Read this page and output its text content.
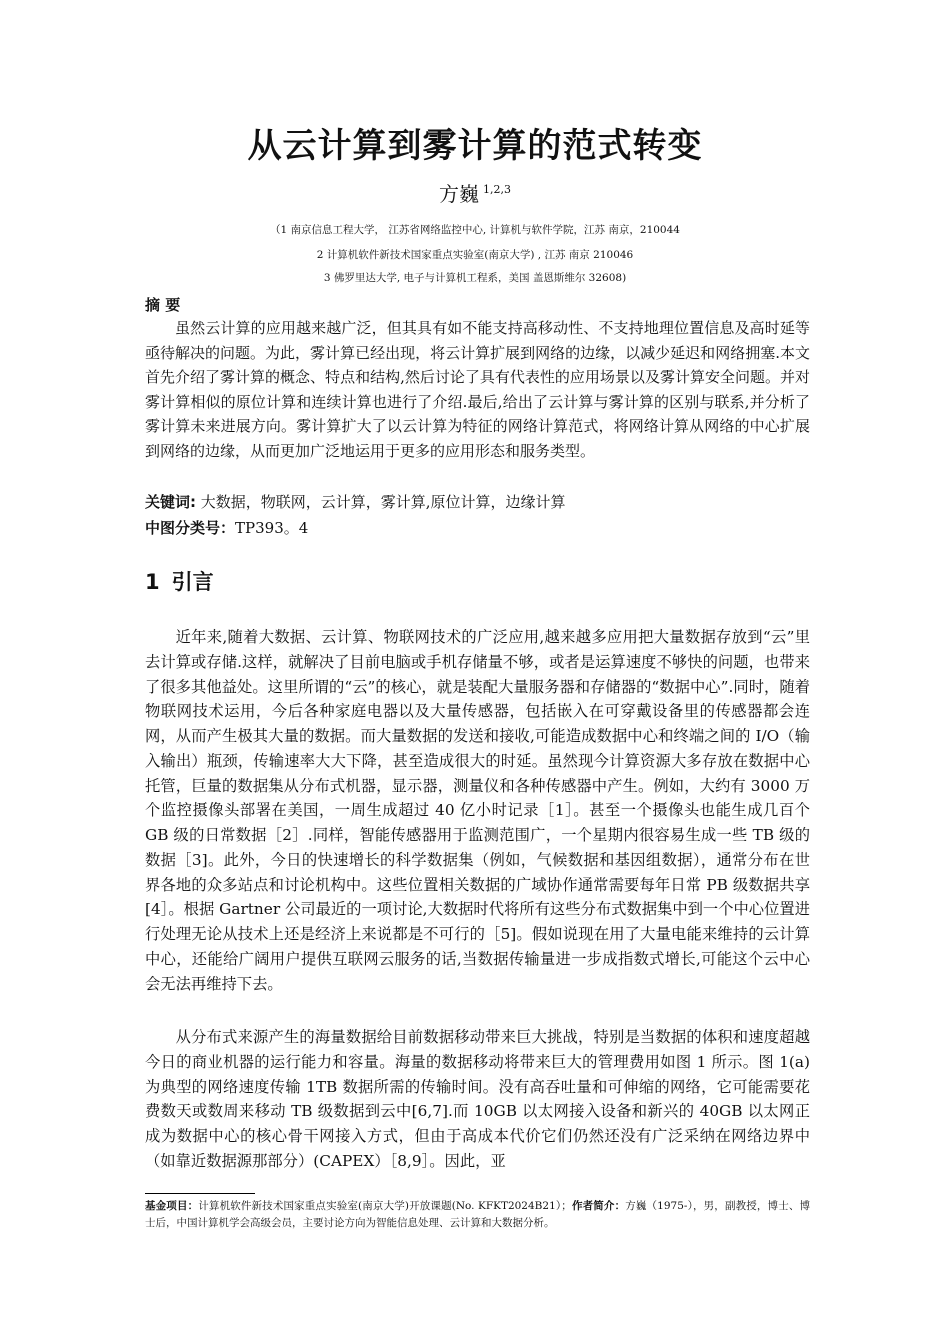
从云计算到雾计算的范式转变
方巍 $^{1,2,3}$
（1 南京信息工程大学， 江苏省网络监控中心, 计算机与软件学院，江苏 南京，210044
2 计算机软件新技术国家重点实验室(南京大学) , 江苏 南京 210046
3 佛罗里达大学, 电子与计算机工程系，美国 盖恩斯维尔 32608)
摘 要

虽然云计算的应用越来越广泛，但其具有如不能支持高移动性、不支持地理位置信息及高时延等亟待解决的问题。为此，雾计算已经出现，将云计算扩展到网络的边缘，以减少延迟和网络拥塞.本文首先介绍了雾计算的概念、特点和结构,然后讨论了具有代表性的应用场景以及雾计算安全问题。并对雾计算相似的原位计算和连续计算也进行了介绍.最后,给出了云计算与雾计算的区别与联系,并分析了雾计算未来进展方向。雾计算扩大了以云计算为特征的网络计算范式，将网络计算从网络的中心扩展到网络的边缘，从而更加广泛地运用于更多的应用形态和服务类型。

关键词: 大数据，物联网，云计算，雾计算,原位计算，边缘计算
中图分类号：TP393。4
1 引言

近年来,随着大数据、云计算、物联网技术的广泛应用,越来越多应用把大量数据存放到“云”里去计算或存储.这样，就解决了目前电脑或手机存储量不够，或者是运算速度不够快的问题，也带来了很多其他益处。这里所谓的“云”的核心，就是装配大量服务器和存储器的“数据中心”.同时，随着物联网技术运用，今后各种家庭电器以及大量传感器，包括嵌入在可穿戴设备里的传感器都会连网，从而产生极其大量的数据。而大量数据的发送和接收,可能造成数据中心和终端之间的 I/O（输入输出）瓶颈，传输速率大大下降，甚至造成很大的时延。虽然现今计算资源大多存放在数据中心托管，巨量的数据集从分布式机器，显示器，测量仪和各种传感器中产生。例如，大约有 3000 万个监控摄像头部署在美国，一周生成超过 40 亿小时记录［1］。甚至一个摄像头也能生成几百个 GB 级的日常数据［2］.同样，智能传感器用于监测范围广，一个星期内很容易生成一些 TB 级的数据［3]。此外，今日的快速增长的科学数据集（例如，气候数据和基因组数据），通常分布在世界各地的众多站点和讨论机构中。这些位置相关数据的广域协作通常需要每年日常 PB 级数据共享[4］。根据 Gartner 公司最近的一项讨论,大数据时代将所有这些分布式数据集中到一个中心位置进行处理无论从技术上还是经济上来说都是不可行的［5]。假如说现在用了大量电能来维持的云计算中心，还能给广阔用户提供互联网云服务的话,当数据传输量进一步成指数式增长,可能这个云中心会无法再维持下去。

从分布式来源产生的海量数据给目前数据移动带来巨大挑战，特别是当数据的体积和速度超越今日的商业机器的运行能力和容量。海量的数据移动将带来巨大的管理费用如图 1 所示。图 1(a)为典型的网络速度传输 1TB 数据所需的传输时间。没有高吞吐量和可伸缩的网络，它可能需要花费数天或数周来移动 TB 级数据到云中[6,7].而 10GB 以太网接入设备和新兴的 40GB 以太网正成为数据中心的核心骨干网接入方式，但由于高成本代价它们仍然还没有广泛采纳在网络边界中（如靠近数据源那部分）(CAPEX）［8,9］。因此，亚

基金项目：计算机软件新技术国家重点实验室(南京大学)开放课题(No. KFKT2024B21）；作者简介：方巍（1975-），男，副教授，博士、博士后，中国计算机学会高级会员，主要讨论方向为智能信息处理、云计算和大数据分析。
